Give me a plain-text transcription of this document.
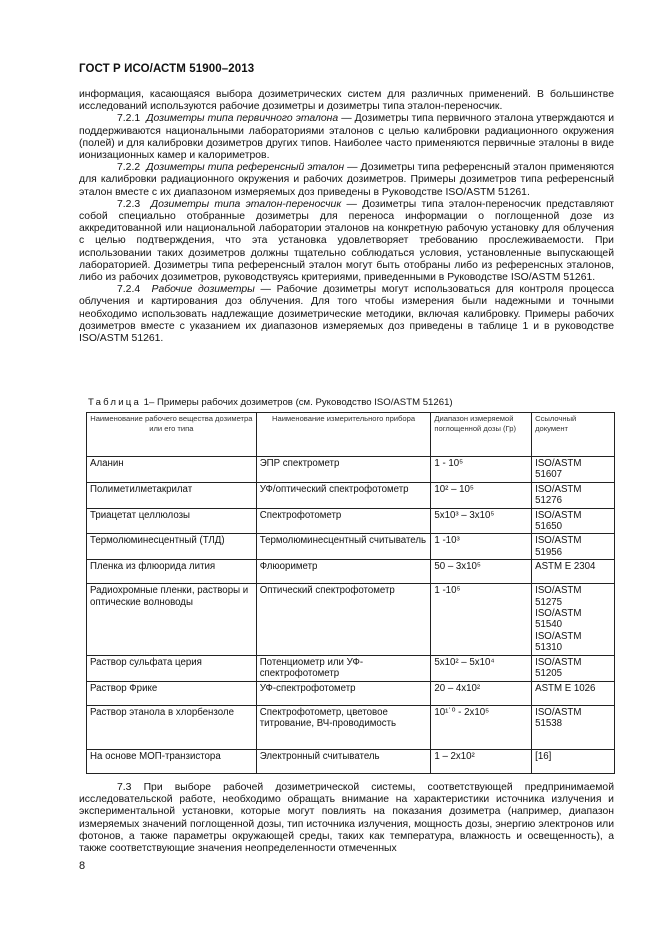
ГОСТ Р ИСО/АСТМ 51900–2013

информация, касающаяся выбора дозиметрических систем для различных применений. В большинстве исследований используются рабочие дозиметры и дозиметры типа эталон-переносчик.

7.2.1 Дозиметры типа первичного эталона — Дозиметры типа первичного эталона утверждаются и поддерживаются национальными лабораториями эталонов с целью калибровки радиационного окружения (полей) и для калибровки дозиметров других типов. Наиболее часто применяются первичные эталоны в виде ионизационных камер и калориметров.

7.2.2 Дозиметры типа референсный эталон — Дозиметры типа референсный эталон применяются для калибровки радиационного окружения и рабочих дозиметров. Примеры дозиметров типа референсный эталон вместе с их диапазоном измеряемых доз приведены в Руководстве ISO/ASTM 51261.

7.2.3 Дозиметры типа эталон-переносчик — Дозиметры типа эталон-переносчик представляют собой специально отобранные дозиметры для переноса информации о поглощенной дозе из аккредитованной или национальной лаборатории эталонов на конкретную рабочую установку для облучения с целью подтверждения, что эта установка удовлетворяет требованию прослеживаемости. При использовании таких дозиметров должны тщательно соблюдаться условия, установленные выпускающей лабораторией. Дозиметры типа референсный эталон могут быть отобраны либо из референсных эталонов, либо из рабочих дозиметров, руководствуясь критериями, приведенными в Руководстве ISO/ASTM 51261.

7.2.4 Рабочие дозиметры — Рабочие дозиметры могут использоваться для контроля процесса облучения и картирования доз облучения. Для того чтобы измерения были надежными и точными необходимо использовать надлежащие дозиметрические методики, включая калибровку. Примеры рабочих дозиметров вместе с указанием их диапазонов измеряемых доз приведены в таблице 1 и в руководстве ISO/ASTM 51261.

Таблица 1– Примеры рабочих дозиметров (см. Руководство ISO/ASTM 51261)
Наименование рабочего вещества дозиметра или его типа	Наименование измерительного прибора	Диапазон измеряемой поглощенной дозы (Гр)	Ссылочный документ
Аланин	ЭПР спектрометр	1 - 10⁵	ISO/ASTM 51607
Полиметилметакрилат	УФ/оптический спектрофотометр	10² – 10⁵	ISO/ASTM 51276
Триацетат целлюлозы	Спектрофотометр	5x10³ – 3x10⁵	ISO/ASTM 51650
Термолюминесцентный (ТЛД)	Термолюминесцентный считыватель	1 -10³	ISO/ASTM 51956
Пленка из флюорида лития	Флюориметр	50 – 3x10⁵	ASTM E 2304
Радиохромные пленки, растворы и оптические волноводы	Оптический спектрофотометр	1 -10⁵	ISO/ASTM 51275 ISO/ASTM 51540 ISO/ASTM 51310
Раствор сульфата церия	Потенциометр или УФ-спектрофотометр	5x10² – 5x10⁴	ISO/ASTM 51205
Раствор Фрике	УФ-спектрофотометр	20 – 4x10²	ASTM E 1026
Раствор этанола в хлорбензоле	Спектрофотометр, цветовое титрование, ВЧ-проводимость	10¹˙⁰ - 2x10⁵	ISO/ASTM 51538
На основе МОП-транзистора	Электронный считыватель	1 – 2x10²	[16]

7.3 При выборе рабочей дозиметрической системы, соответствующей предпринимаемой исследовательской работе, необходимо обращать внимание на характеристики источника излучения и экспериментальной установки, которые могут повлиять на показания дозиметра (например, диапазон измеряемых значений поглощенной дозы, тип источника излучения, мощность дозы, энергию электронов или фотонов, а также параметры окружающей среды, таких как температура, влажность и освещенность), а также соответствующие значения неопределенности отмеченных

8
